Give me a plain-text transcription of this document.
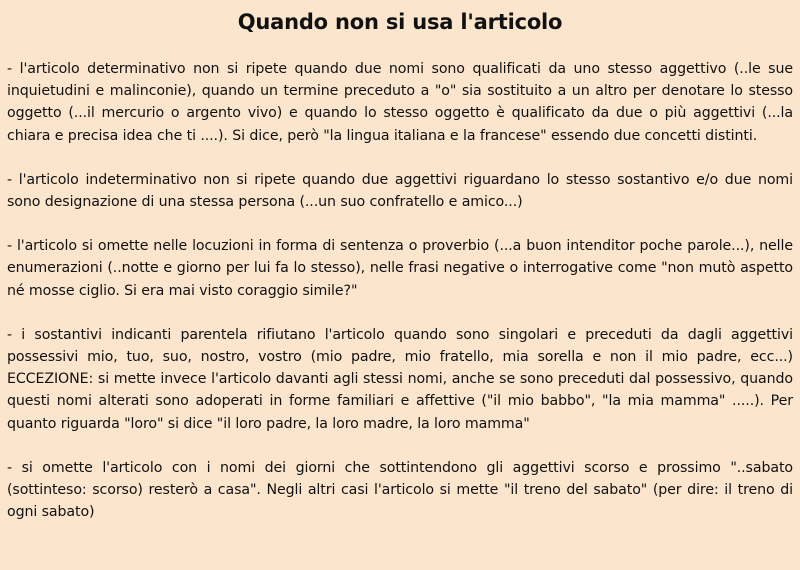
Quando non si usa l'articolo

- l'articolo determinativo non si ripete quando due nomi sono qualificati da uno stesso aggettivo (..le sue inquietudini e malinconie), quando un termine preceduto a "o" sia sostituito a un altro per denotare lo stesso oggetto (...il mercurio o argento vivo) e quando lo stesso oggetto è qualificato da due o più aggettivi (...la chiara e precisa idea che ti ....). Si dice, però "la lingua italiana e la francese" essendo due concetti distinti.

- l'articolo indeterminativo non si ripete quando due aggettivi riguardano lo stesso sostantivo e/o due nomi sono designazione di una stessa persona (...un suo confratello e amico...)

- l'articolo si omette nelle locuzioni in forma di sentenza o proverbio (...a buon intenditor poche parole...), nelle enumerazioni (..notte e giorno per lui fa lo stesso), nelle frasi negative o interrogative come "non mutò aspetto né mosse ciglio. Si era mai visto coraggio simile?"

- i sostantivi indicanti parentela rifiutano l'articolo quando sono singolari e preceduti da dagli aggettivi possessivi mio, tuo, suo, nostro, vostro (mio padre, mio fratello, mia sorella e non il mio padre, ecc...) ECCEZIONE: si mette invece l'articolo davanti agli stessi nomi, anche se sono preceduti dal possessivo, quando questi nomi alterati sono adoperati in forme familiari e affettive ("il mio babbo", "la mia mamma" .....). Per quanto riguarda "loro" si dice "il loro padre, la loro madre, la loro mamma"

- si omette l'articolo con i nomi dei giorni che sottintendono gli aggettivi scorso e prossimo "..sabato (sottinteso: scorso) resterò a casa". Negli altri casi l'articolo si mette "il treno del sabato" (per dire: il treno di ogni sabato)
